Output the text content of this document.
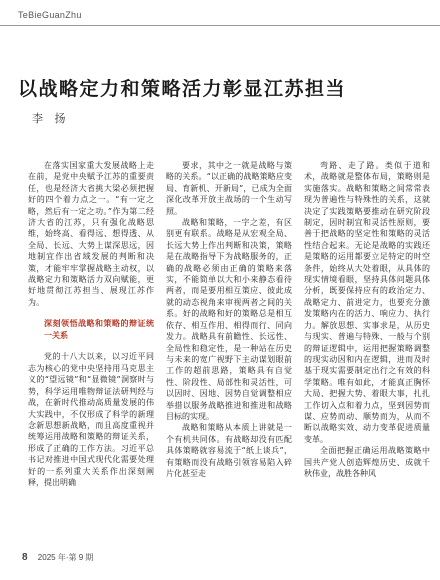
TeBieGuanZhu
以战略定力和策略活力彰显江苏担当
李 扬

在落实国家重大发展战略上走在前，是党中央赋予江苏的重要责任，也是经济大省挑大梁必须把握好的四个着力点之一。“有一定之略，然后有一定之功。”作为第二经济大省的江苏，只有强化战略思维，始终高、看得远、想得透、从全局、长远、大势上谋深思远，因地制宜作出省域发展的判断和决策，才能牢牢掌握战略主动权，以战略定力和策略活力双向赋能，更好地贯彻江苏担当、展现江苏作为。

深刻领悟战略和策略的辩证统一关系

党的十八大以来，以习近平同志为核心的党中央坚持用马克思主义的“望远镜”和“显微镜”洞察时与势，科学运用唯物辩证法研判经与战，在新时代推动高质量发展的伟大实践中，不仅形成了科学的新理念新思想新战略，而且高度重视并统筹运用战略和策略的辩证关系，形成了正确的工作方法。习近平总书记对推进中国式现代化需要处理好的一系列重大关系作出深刻阐释，提出明确

要求，其中之一就是战略与策略的关系。“以正确的战略策略应变局、育新机、开新局”，已成为全面深化改革开放主战场的一个生动写照。

战略和策略，一字之差，有区别更有联系。战略是从宏观全局、长远大势上作出判断和决策，策略是在战略指导下为战略服务的，正确的战略必须由正确的策略来落实，不能简单以大和小来静态看待两者，而是要用相互策应、彼此成就的动态视角来审视两者之间的关系。好的战略和好的策略总是相互依存、相互作用、相得而行、同向发力。战略具有前瞻性、长远性、全局性和稳定性，是一种站在历史与未来的宽广视野下主动谋划眼前工作的超前思路，策略具有自觉性、阶段性、局部性和灵活性，可以因时、因地、因势自觉调整相应举措以服务战略推进和推进和战略目标的实现。

战略和策略从本质上讲就是一个有机共同体。有战略却没有匹配具体策略就容易流于“纸上谈兵”，有策略而没有战略引领容易陷入碎片化甚至走

弯路、走了路。类似于道和术，战略就是整体布局，策略则是实施落实。战略和策略之间常常表现为普遍性与特殊性的关系，这就决定了实践策略要推动在研究阶段制定，因时制宜和灵活性原则，要善于把战略的坚定性和策略的灵活性结合起来。无论是战略的实践还是策略的运用都要立足特定的时空条件，始终从大处着眼，从具体的现实情境看眼，坚持具体问题具体分析，既要保持应有的政治定力、战略定力、前进定力，也要充分激发策略内在的活力、响应力、执行力。解放思想、实事求是，从历史与现实、普遍与特殊、一般与个别的辩证逻辑中，运用把握策略调整的现实动因和内在逻辑，进而及时基于现实需要制定出行之有效的科学策略。唯有如此，才能真正胸怀大局、把握大势、着眼大事，扎扎工作切入点和着力点，坚到因势而谋、应势而动、顺势而为，从而不断以战略实效、动力变革促进质量变革。

全面把握正确运用战略策略中国共产党人创造辉煌历史、成就千秋伟业，战胜各种风

8 2025 年·第 9 期
